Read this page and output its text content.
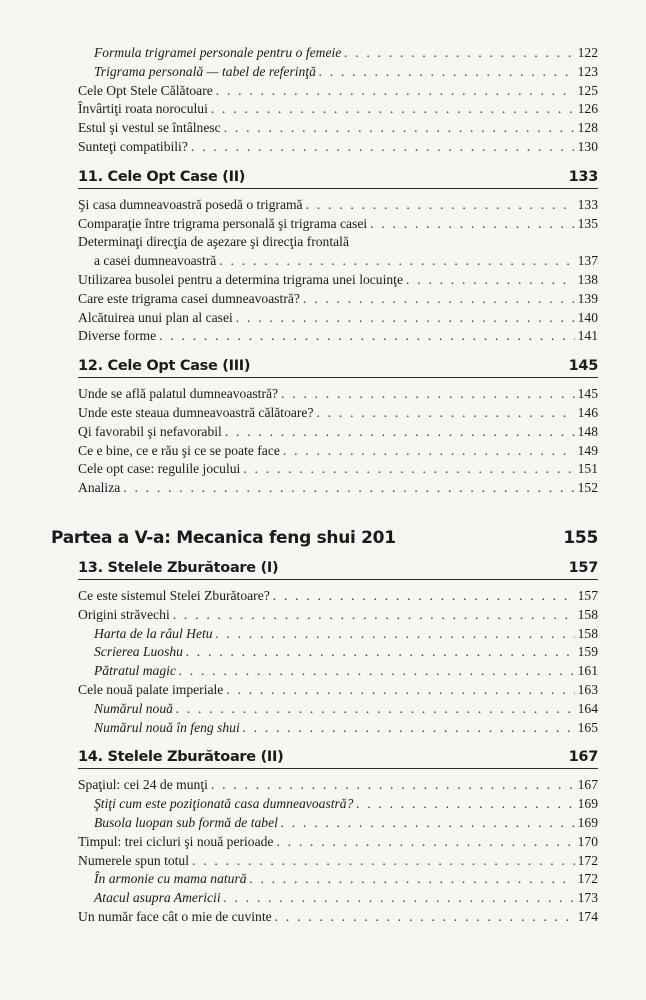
Formula trigramei personale pentru o femeie . . .	122
Trigrama personală — tabel de referinţă . . .	123
Cele Opt Stele Călătoare . . .	125
Învârtiţi roata norocului . . .	126
Estul şi vestul se întâlnesc . . .	128
Sunteţi compatibili? . . .	130
11. Cele Opt Case (II)	133
Şi casa dumneavoastră posedă o trigramă . . .	133
Comparaţie între trigrama personală şi trigrama casei . . .	135
Determinaţi direcţia de aşezare şi direcţia frontală
a casei dumneavoastră . . .	137
Utilizarea busolei pentru a determina trigrama unei locuinţe . . .	138
Care este trigrama casei dumneavoastră? . . .	139
Alcătuirea unui plan al casei . . .	140
Diverse forme . . .	141
12. Cele Opt Case (III)	145
Unde se află palatul dumneavoastră? . . .	145
Unde este steaua dumneavoastră călătoare? . . .	146
Qi favorabil şi nefavorabil . . .	148
Ce e bine, ce e rău şi ce se poate face . . .	149
Cele opt case: regulile jocului . . .	151
Analiza . . .	152
Partea a V-a: Mecanica feng shui 201	155
13. Stelele Zburătoare (I)	157
Ce este sistemul Stelei Zburătoare? . . .	157
Origini străvechi . . .	158
Harta de la râul Hetu . . .	158
Scrierea Luoshu . . .	159
Pătratul magic . . .	161
Cele nouă palate imperiale . . .	163
Numărul nouă . . .	164
Numărul nouă în feng shui . . .	165
14. Stelele Zburătoare (II)	167
Spaţiul: cei 24 de munţi . . .	167
Ştiţi cum este poziţionată casa dumneavoastră? . . .	169
Busola luopan sub formă de tabel . . .	169
Timpul: trei cicluri şi nouă perioade . . .	170
Numerele spun totul . . .	172
În armonie cu mama natură . . .	172
Atacul asupra Americii . . .	173
Un număr face cât o mie de cuvinte . . .	174
